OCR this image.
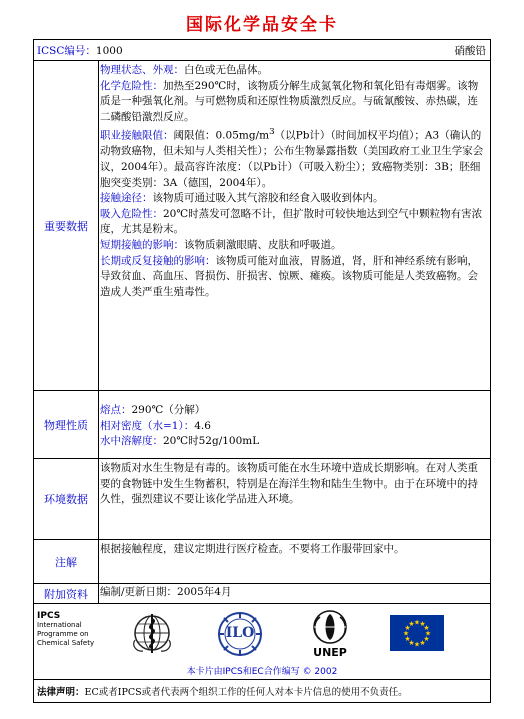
国际化学品安全卡
ICSC编号：1000	硝酸铅
重要数据

物理状态、外观：白色或无色晶体。

化学危险性：加热至290℃时，该物质分解生成氮氧化物和氧化铅有毒烟雾。该物质是一种强氧化剂。与可燃物质和还原性物质激烈反应。与硫氰酸铵、赤热碳，连二磷酸铅激烈反应。

职业接触限值：阈限值：$0.05mg/m^3$（以Pb计）（时间加权平均值）；A3（确认的动物致癌物，但未知与人类相关性）；公布生物暴露指数（美国政府工业卫生学家会议，2004年）。最高容许浓度：（以Pb计）（可吸入粉尘）；致癌物类别：3B；胚细胞突变类别：3A（德国，2004年）。

接触途径：该物质可通过吸入其气溶胶和经食入吸收到体内。

吸入危险性：20℃时蒸发可忽略不计，但扩散时可较快地达到空气中颗粒物有害浓度，尤其是粉末。

短期接触的影响：该物质刺激眼睛、皮肤和呼吸道。

长期或反复接触的影响：该物质可能对血液，胃肠道，肾，肝和神经系统有影响，导致贫血、高血压、肾损伤、肝损害、惊厥、瘫痪。该物质可能是人类致癌物。会造成人类严重生殖毒性。

物理性质

熔点：290℃（分解）

相对密度（水=1）：4.6

水中溶解度：20℃时52g/100mL

环境数据
该物质对水生生物是有毒的。该物质可能在水生环境中造成长期影响。在对人类重要的食物链中发生生物蓄积，特别是在海洋生物和陆生生物中。由于在环境中的持久性，强烈建议不要让该化学品进入环境。
注解
根据接触程度，建议定期进行医疗检查。不要将工作服带回家中。
附加资料	编制/更新日期：2005年4月
IPCS
International
Programme on
Chemical Safety
ILO
UNEP
★
★
★
★
★
★
★
★
★ ★ ★
★
本卡片由IPCS和EC合作编写 © 2002
法律声明：EC或者IPCS或者代表两个组织工作的任何人对本卡片信息的使用不负责任。
